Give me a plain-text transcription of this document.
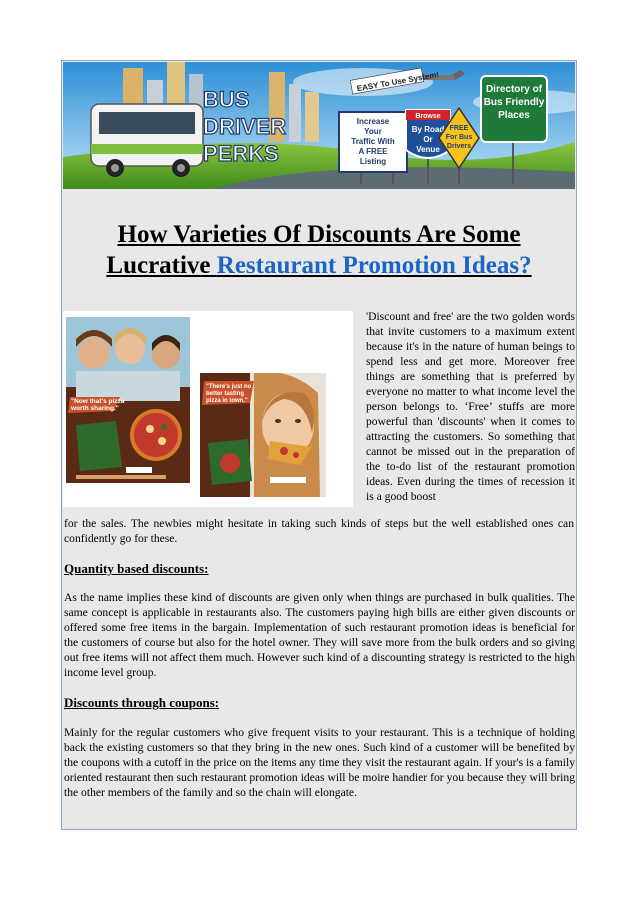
BUS
DRIVER
PERKS
EASY To Use System!
Increase Your Traffic With A FREE Listing
Browse
By Road Or Venue
FREE For Bus Drivers
Directory of Bus Friendly Places
How Varieties Of Discounts Are Some
Lucrative Restaurant Promotion Ideas?
"Now that's pizza worth sharing."
"There's just no better tasting pizza in town."
'Discount and free' are the two golden words that invite customers to a maximum extent because it's in the nature of human beings to spend less and get more. Moreover free things are something that is preferred by everyone no matter to what income level the person belongs to. ‘Free’ stuffs are more powerful than 'discounts' when it comes to attracting the customers. So something that cannot be missed out in the preparation of the to-do list of the restaurant promotion ideas. Even during the times of recession it is a good boost
for the sales. The newbies might hesitate in taking such kinds of steps but the well established ones can confidently go for these.
Quantity based discounts:
As the name implies these kind of discounts are given only when things are purchased in bulk qualities. The same concept is applicable in restaurants also. The customers paying high bills are either given discounts or offered some free items in the bargain. Implementation of such restaurant promotion ideas is beneficial for the customers of course but also for the hotel owner. They will save more from the bulk orders and so giving out free items will not affect them much. However such kind of a discounting strategy is restricted to the high income level group.
Discounts through coupons:
Mainly for the regular customers who give frequent visits to your restaurant. This is a technique of holding back the existing customers so that they bring in the new ones. Such kind of a customer will be benefited by the coupons with a cutoff in the price on the items any time they visit the restaurant again. If your's is a family oriented restaurant then such restaurant promotion ideas will be moire handier for you because they will bring the other members of the family and so the chain will elongate.
